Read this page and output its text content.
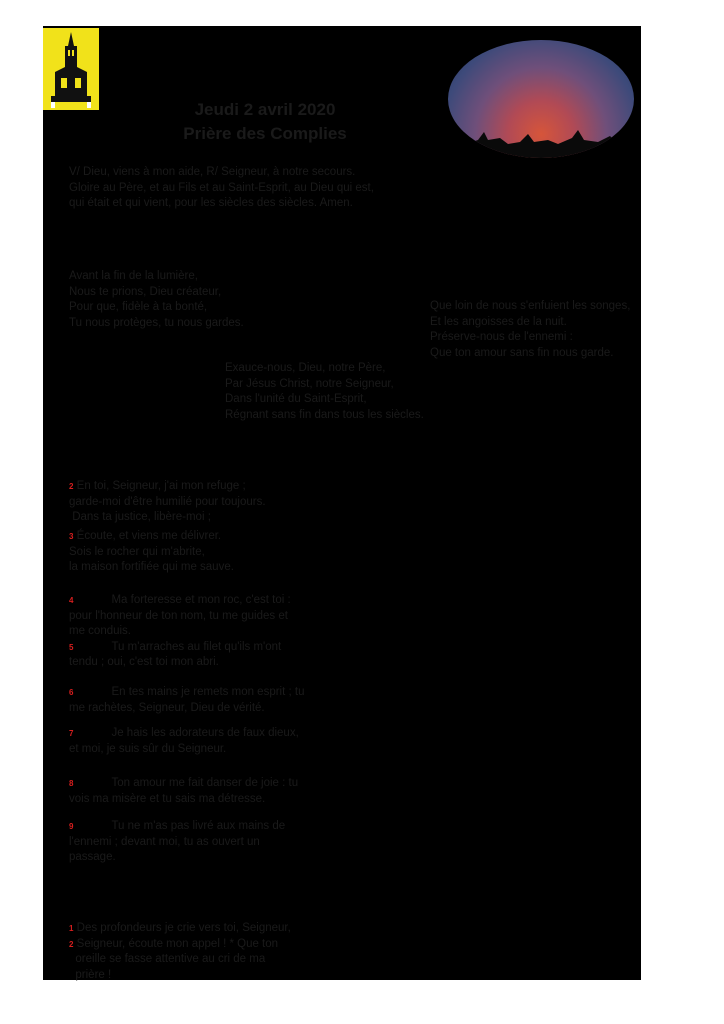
Jeudi 2 avril 2020
Prière des Complies
V/ Dieu, viens à mon aide, R/ Seigneur, à notre secours.
Gloire au Père, et au Fils et au Saint-Esprit, au Dieu qui est,
qui était et qui vient, pour les siècles des siècles. Amen.
Avant la fin de la lumière,
Nous te prions, Dieu créateur,
Pour que, fidèle à ta bonté,
Tu nous protèges, tu nous gardes.
Que loin de nous s'enfuient les songes,
Et les angoisses de la nuit.
Préserve-nous de l'ennemi :
Que ton amour sans fin nous garde.
Exauce-nous, Dieu, notre Père,
Par Jésus Christ, notre Seigneur,
Dans l'unité du Saint-Esprit,
Régnant sans fin dans tous les siècles.
2 En toi, Seigneur, j'ai mon refuge ;
garde-moi d'être humilié pour toujours.
Dans ta justice, libère-moi ;
3 Écoute, et viens me délivrer.
Sois le rocher qui m'abrite,
la maison fortifiée qui me sauve.
4	Ma forteresse et mon roc, c'est toi :
pour l'honneur de ton nom, tu me guides et
me conduis.
5	Tu m'arraches au filet qu'ils m'ont
tendu ; oui, c'est toi mon abri.
6	En tes mains je remets mon esprit ; tu
me rachètes, Seigneur, Dieu de vérité.
7	Je hais les adorateurs de faux dieux,
et moi, je suis sûr du Seigneur.
8	Ton amour me fait danser de joie : tu
vois ma misère et tu sais ma détresse.
9	Tu ne m'as pas livré aux mains de
l'ennemi ; devant moi, tu as ouvert un
passage.
1 Des profondeurs je crie vers toi, Seigneur,
2 Seigneur, écoute mon appel ! * Que ton
oreille se fasse attentive au cri de ma
prière !
